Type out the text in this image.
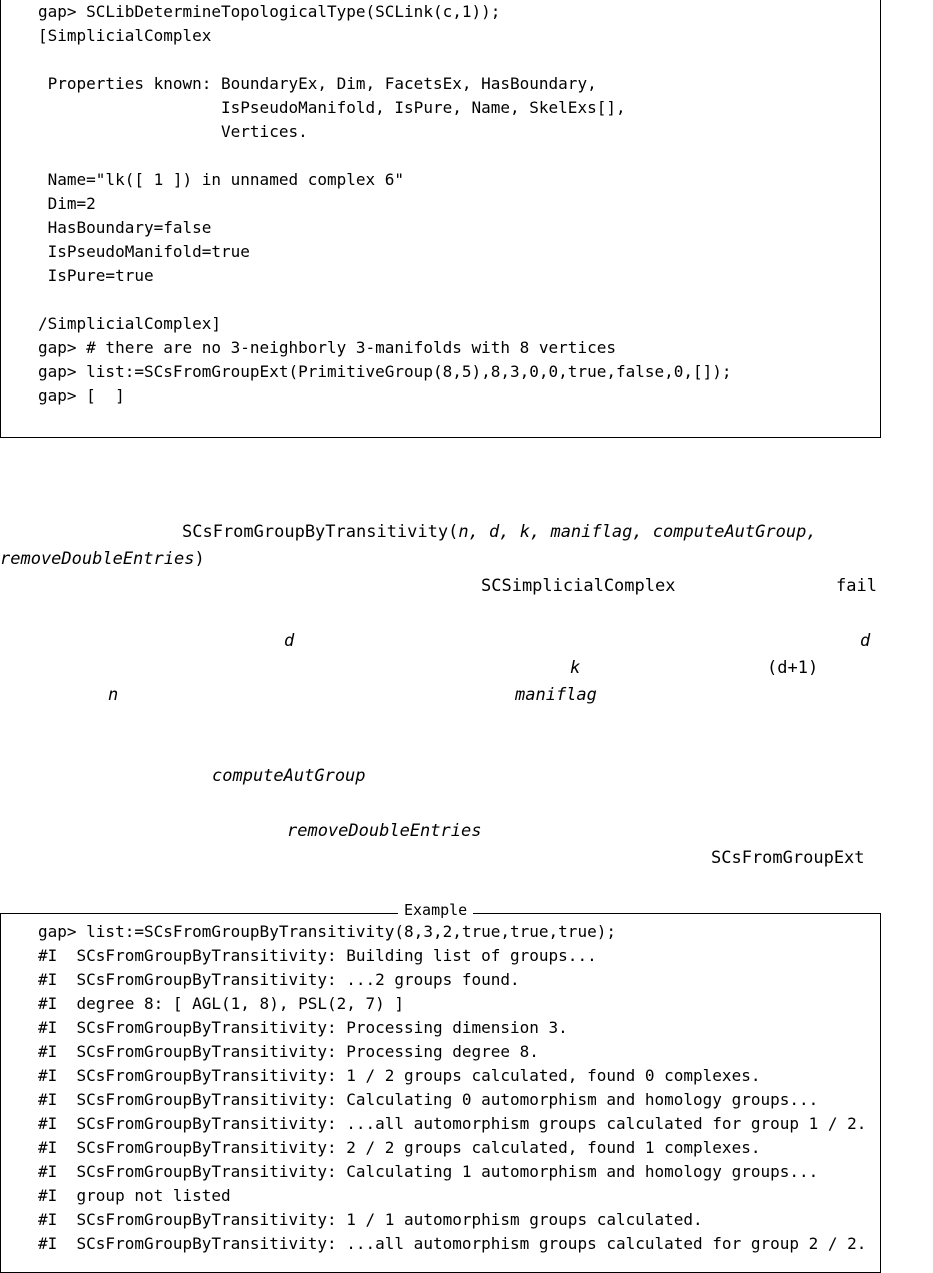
gap> SCLibDetermineTopologicalType(SCLink(c,1));
[SimplicialComplex

Properties known: BoundaryEx, Dim, FacetsEx, HasBoundary,
IsPseudoManifold, IsPure, Name, SkelExs[],
Vertices.

Name="lk([ 1 ]) in unnamed complex 6"
Dim=2
HasBoundary=false
IsPseudoManifold=true
IsPure=true

/SimplicialComplex]
gap> # there are no 3-neighborly 3-manifolds with 8 vertices
gap> list:=SCsFromGroupExt(PrimitiveGroup(8,5),8,3,0,0,true,false,0,[]);
gap> [  ]
SCsFromGroupByTransitivity(n, d, k, maniflag, computeAutGroup,
removeDoubleEntries)
SCSimplicialComplex	fail
d	d
k	(d+1)
n	maniflag
computeAutGroup
removeDoubleEntries
SCsFromGroupExt
Example
gap> list:=SCsFromGroupByTransitivity(8,3,2,true,true,true);
#I  SCsFromGroupByTransitivity: Building list of groups...
#I  SCsFromGroupByTransitivity: ...2 groups found.
#I  degree 8: [ AGL(1, 8), PSL(2, 7) ]
#I  SCsFromGroupByTransitivity: Processing dimension 3.
#I  SCsFromGroupByTransitivity: Processing degree 8.
#I  SCsFromGroupByTransitivity: 1 / 2 groups calculated, found 0 complexes.
#I  SCsFromGroupByTransitivity: Calculating 0 automorphism and homology groups...
#I  SCsFromGroupByTransitivity: ...all automorphism groups calculated for group 1 / 2.
#I  SCsFromGroupByTransitivity: 2 / 2 groups calculated, found 1 complexes.
#I  SCsFromGroupByTransitivity: Calculating 1 automorphism and homology groups...
#I  group not listed
#I  SCsFromGroupByTransitivity: 1 / 1 automorphism groups calculated.
#I  SCsFromGroupByTransitivity: ...all automorphism groups calculated for group 2 / 2.
